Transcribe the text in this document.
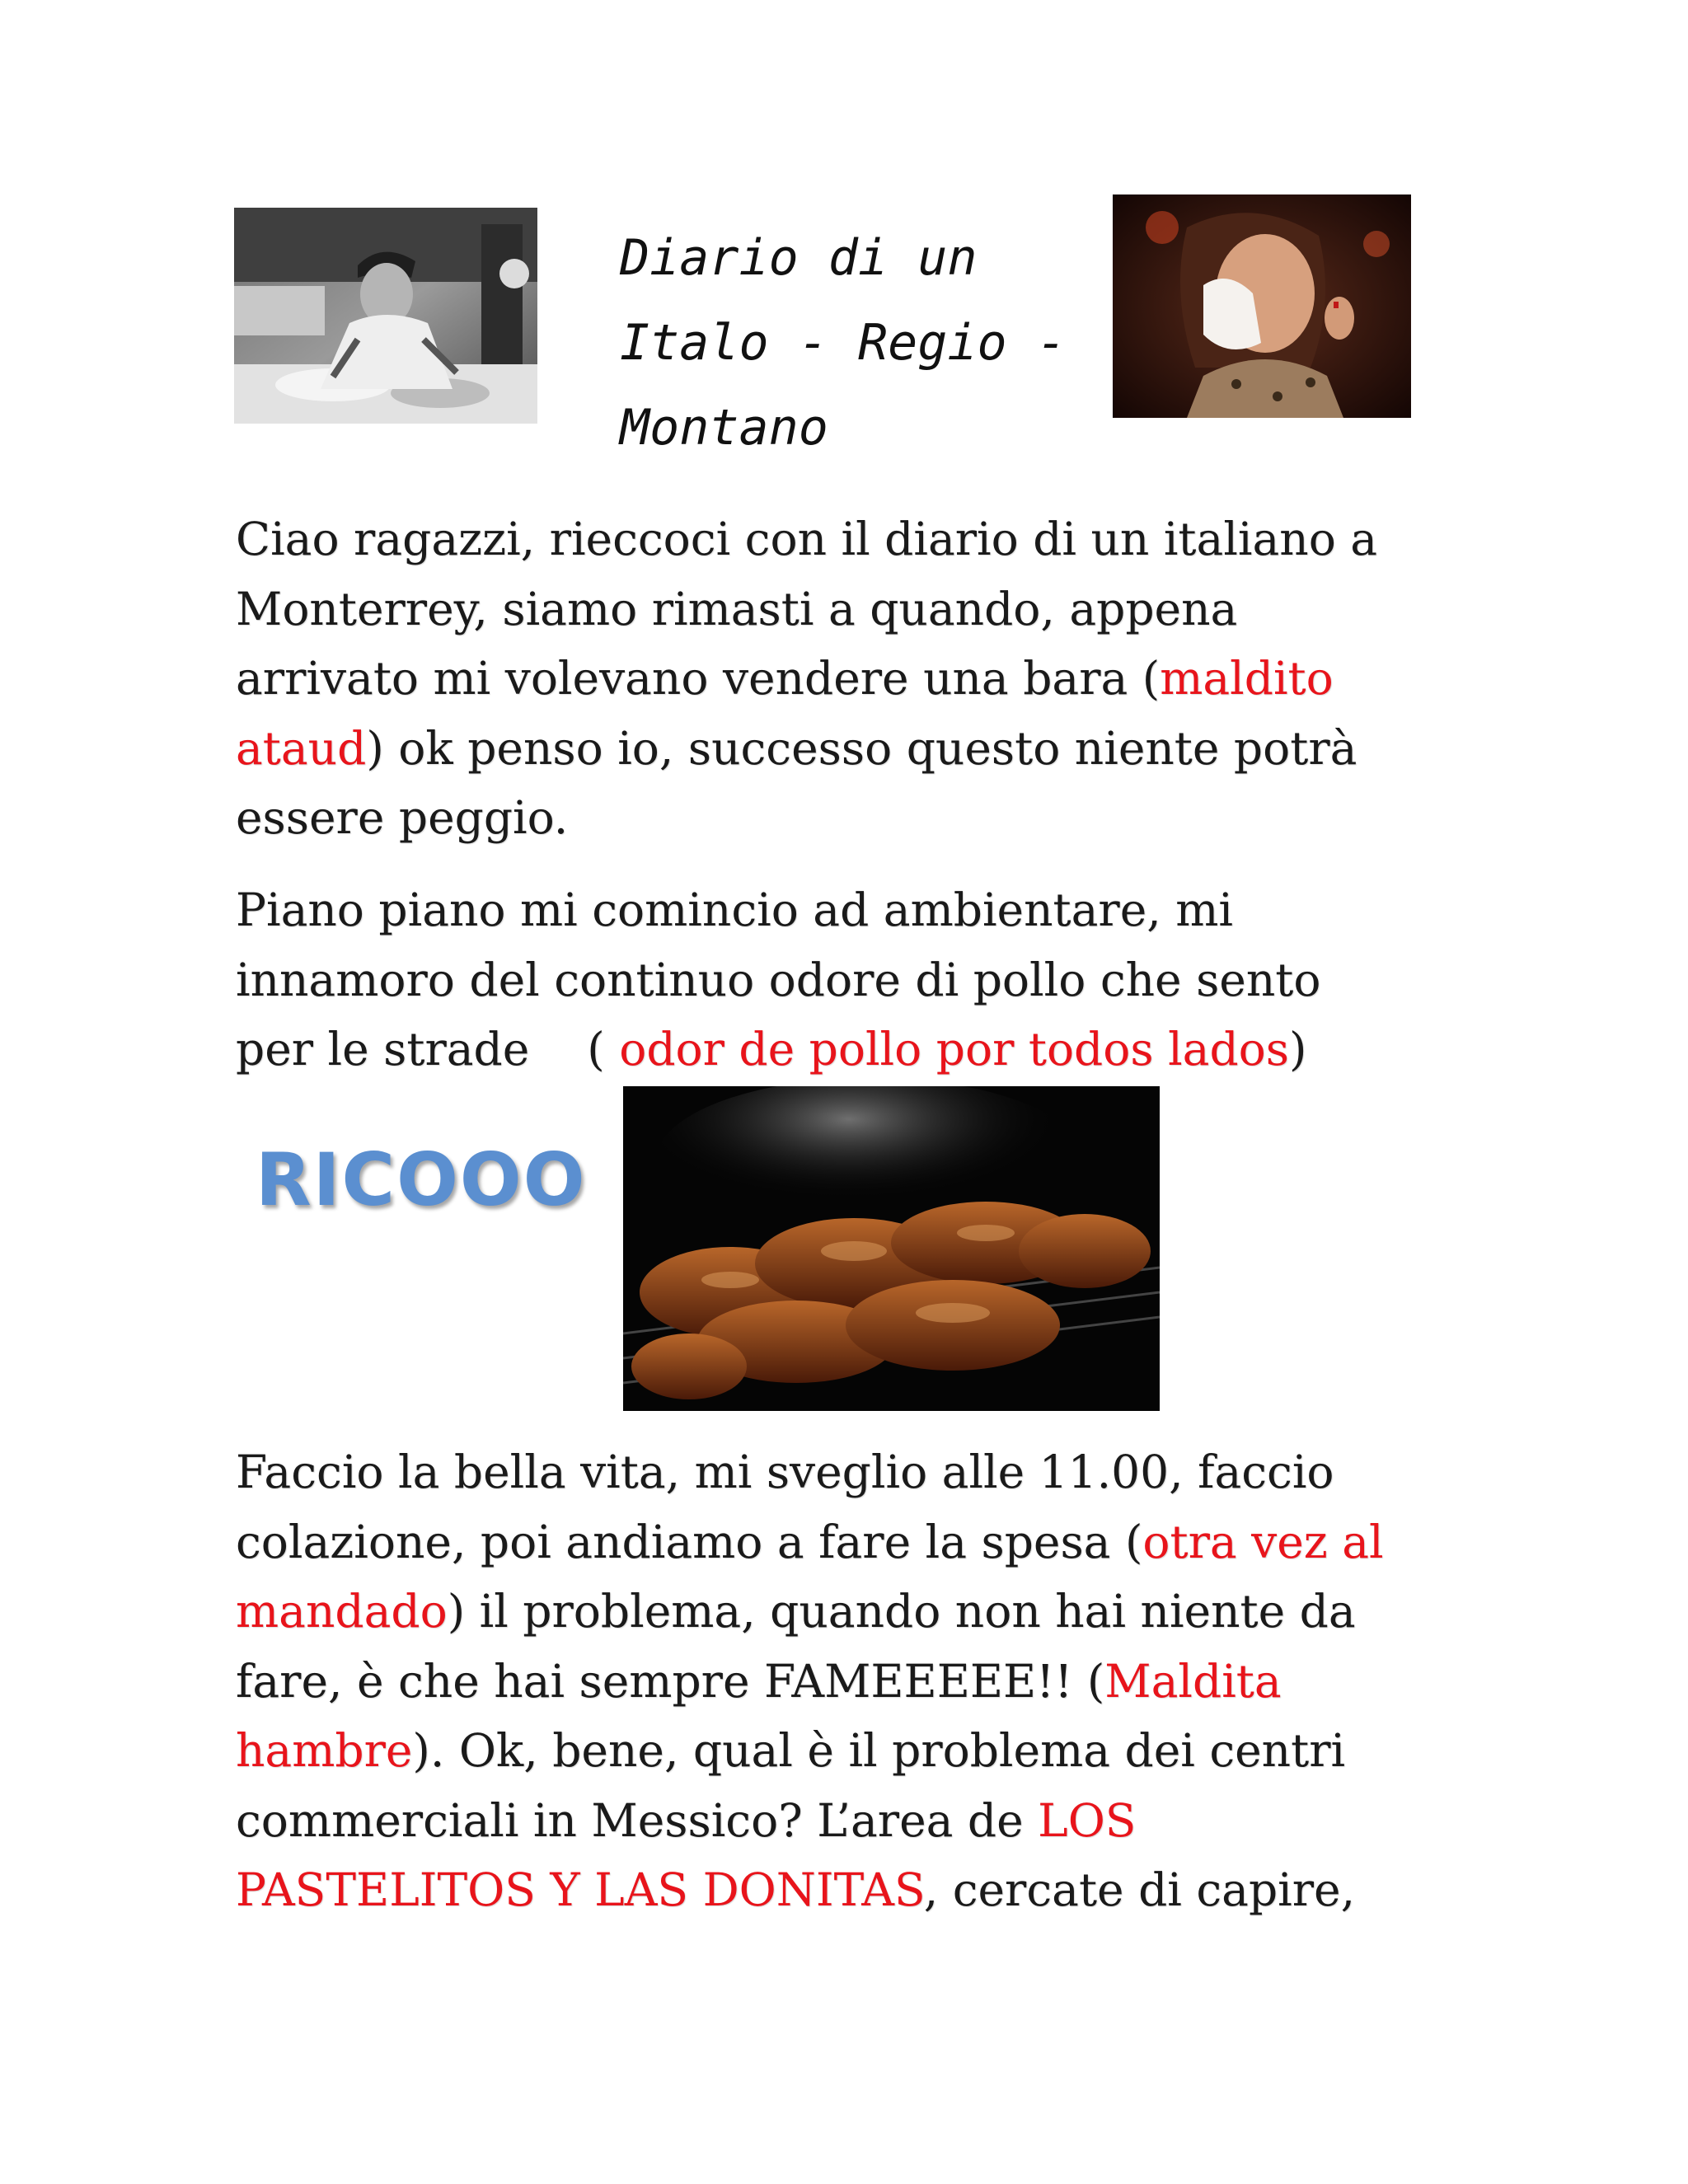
Diario di un
Italo - Regio -
Montano

Ciao ragazzi, rieccoci con il diario di un italiano a
Monterrey, siamo rimasti a quando, appena
arrivato mi volevano vendere una bara (maldito
ataud) ok penso io, successo questo niente potrà
essere peggio.

Piano piano mi comincio ad ambientare, mi
innamoro del continuo odore di pollo che sento
per le strade    ( odor de pollo por todos lados)

RICOOO

Faccio la bella vita, mi sveglio alle 11.00, faccio
colazione, poi andiamo a fare la spesa (otra vez al
mandado) il problema, quando non hai niente da
fare, è che hai sempre FAMEEEEE!! (Maldita
hambre). Ok, bene, qual è il problema dei centri
commerciali in Messico? L’area de LOS
PASTELITOS Y LAS DONITAS, cercate di capire,
